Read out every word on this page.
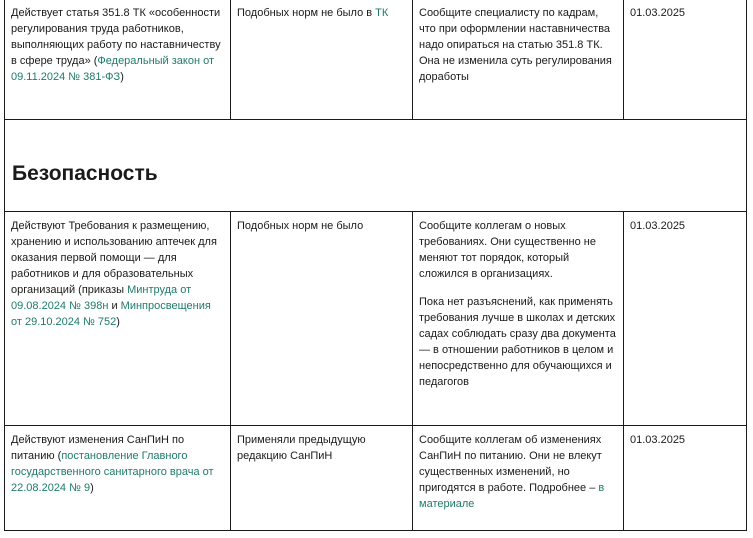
Действует статья 351.8 ТК «особенности регулирования труда работников, выполняющих работу по наставничеству в сфере труда» (Федеральный закон от 09.11.2024 № 381-ФЗ)
Подобных норм не было в ТК	Сообщите специалисту по кадрам, что при оформлении наставничества надо опираться на статью 351.8 ТК. Она не изменила суть регулирования доработы
01.03.2025
Безопасность
Действуют Требования к размещению, хранению и использованию аптечек для оказания первой помощи — для работников и для образовательных организаций (приказы Минтруда от 09.08.2024 № 398н и Минпросвещения от 29.10.2024 № 752)
Подобных норм не было	Сообщите коллегам о новых требованиях. Они существенно не меняют тот порядок, который сложился в организациях.

Пока нет разъяснений, как применять требования лучше в школах и детских садах соблюдать сразу два документа — в отношении работников в целом и непосредственно для обучающихся и педагогов

01.03.2025
Действуют изменения СанПиН по питанию (постановление Главного государственного санитарного врача от 22.08.2024 № 9)
Применяли предыдущую редакцию СанПиН
Сообщите коллегам об изменениях СанПиН по питанию. Они не влекут существенных изменений, но пригодятся в работе. Подробнее – в материале
01.03.2025
